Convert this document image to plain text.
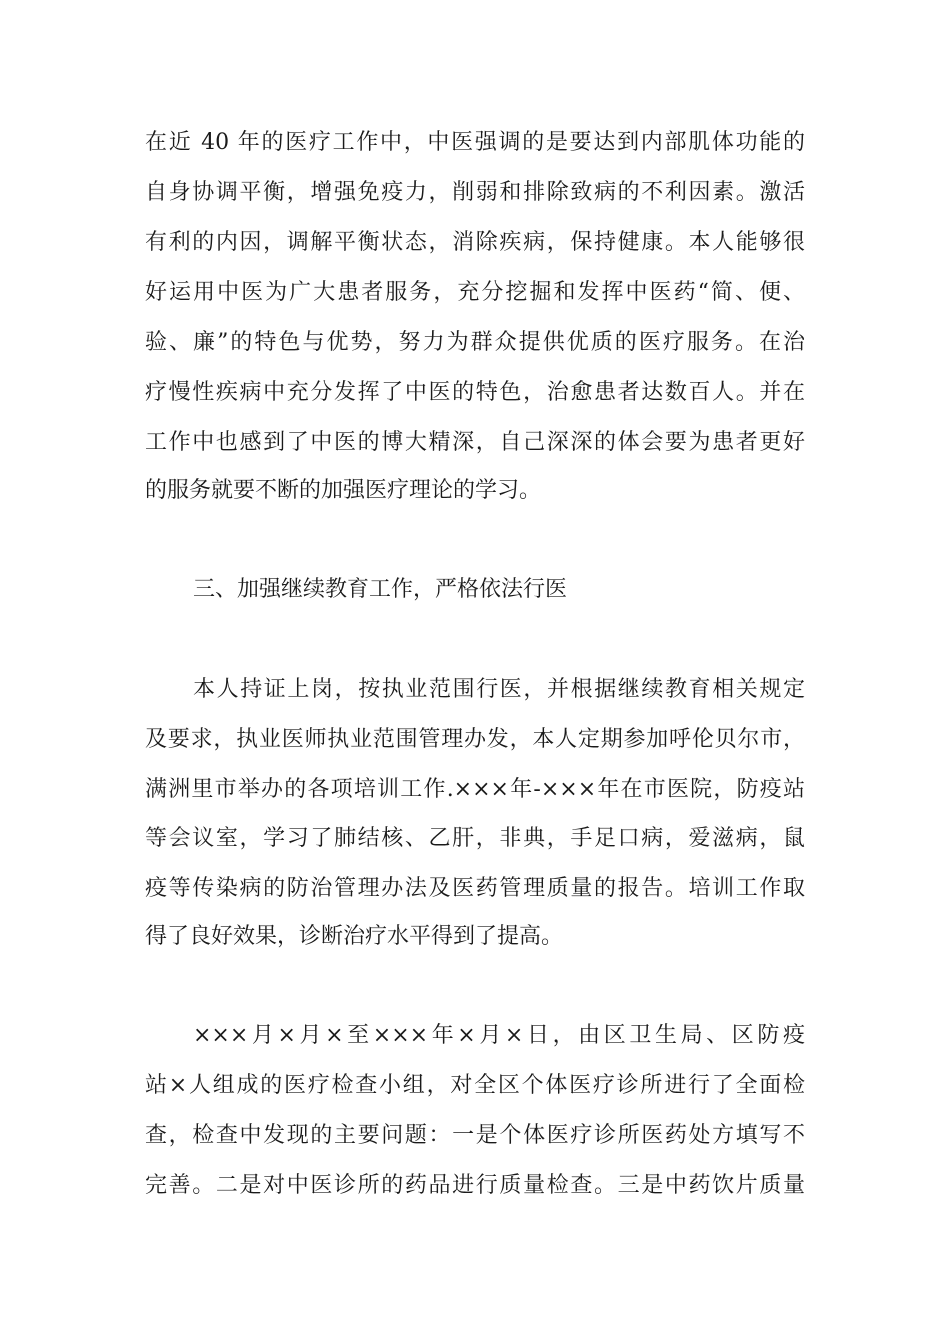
在近 40 年的医疗工作中，中医强调的是要达到内部肌体功能的
自身协调平衡，增强免疫力，削弱和排除致病的不利因素。激活
有利的内因，调解平衡状态，消除疾病，保持健康。本人能够很
好运用中医为广大患者服务，充分挖掘和发挥中医药“简、便、
验、廉”的特色与优势，努力为群众提供优质的医疗服务。在治
疗慢性疾病中充分发挥了中医的特色，治愈患者达数百人。并在
工作中也感到了中医的博大精深，自己深深的体会要为患者更好
的服务就要不断的加强医疗理论的学习。
三、加强继续教育工作，严格依法行医
本人持证上岗，按执业范围行医，并根据继续教育相关规定
及要求，执业医师执业范围管理办发，本人定期参加呼伦贝尔市，
满洲里市举办的各项培训工作.×××年-×××年在市医院，防疫站
等会议室，学习了肺结核、乙肝，非典，手足口病，爱滋病，鼠
疫等传染病的防治管理办法及医药管理质量的报告。培训工作取
得了良好效果，诊断治疗水平得到了提高。
×××月×月×至×××年×月×日，由区卫生局、区防疫
站×人组成的医疗检查小组，对全区个体医疗诊所进行了全面检
查，检查中发现的主要问题：一是个体医疗诊所医药处方填写不
完善。二是对中医诊所的药品进行质量检查。三是中药饮片质量
